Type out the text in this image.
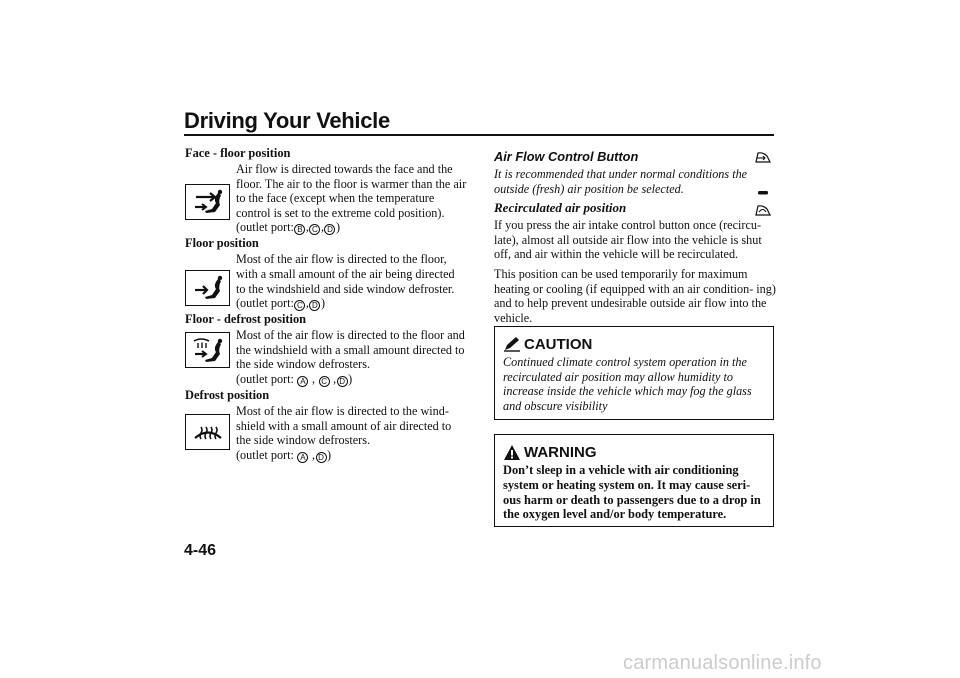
Driving Your Vehicle
Face - floor position
Air flow is directed towards the face and the floor. The air to the floor is warmer than the air to the face (except when the temperature control is set to the extreme cold position).
(outlet port: B , C , D )
Floor position
Most of the air flow is directed to the floor, with a small amount of the air being directed to the windshield and side window defroster.
(outlet port: C , D )
Floor - defrost position
Most of the air flow is directed to the floor and the windshield with a small amount directed to the side window defrosters.
(outlet port: A , C , D )
Defrost position
Most of the air flow is directed to the wind- shield with a small amount of air directed to the side window defrosters.
(outlet port: A , D )
Air Flow Control Button
It is recommended that under normal conditions the outside (fresh) air position be selected.
Recirculated air position
If you press the air intake control button once (recircu- late), almost all outside air flow into the vehicle is shut off, and air within the vehicle will be recirculated.
This position can be used temporarily for maximum heating or cooling (if equipped with an air condition- ing) and to help prevent undesirable outside air flow into the vehicle.
CAUTION
Continued climate control system operation in the recirculated air position may allow humidity to increase inside the vehicle which may fog the glass and obscure visibility
WARNING
Don’t sleep in a vehicle with air conditioning system or heating system on. It may cause seri- ous harm or death to passengers due to a drop in the oxygen level and/or body temperature.
4-46
carmanualsonline.info
